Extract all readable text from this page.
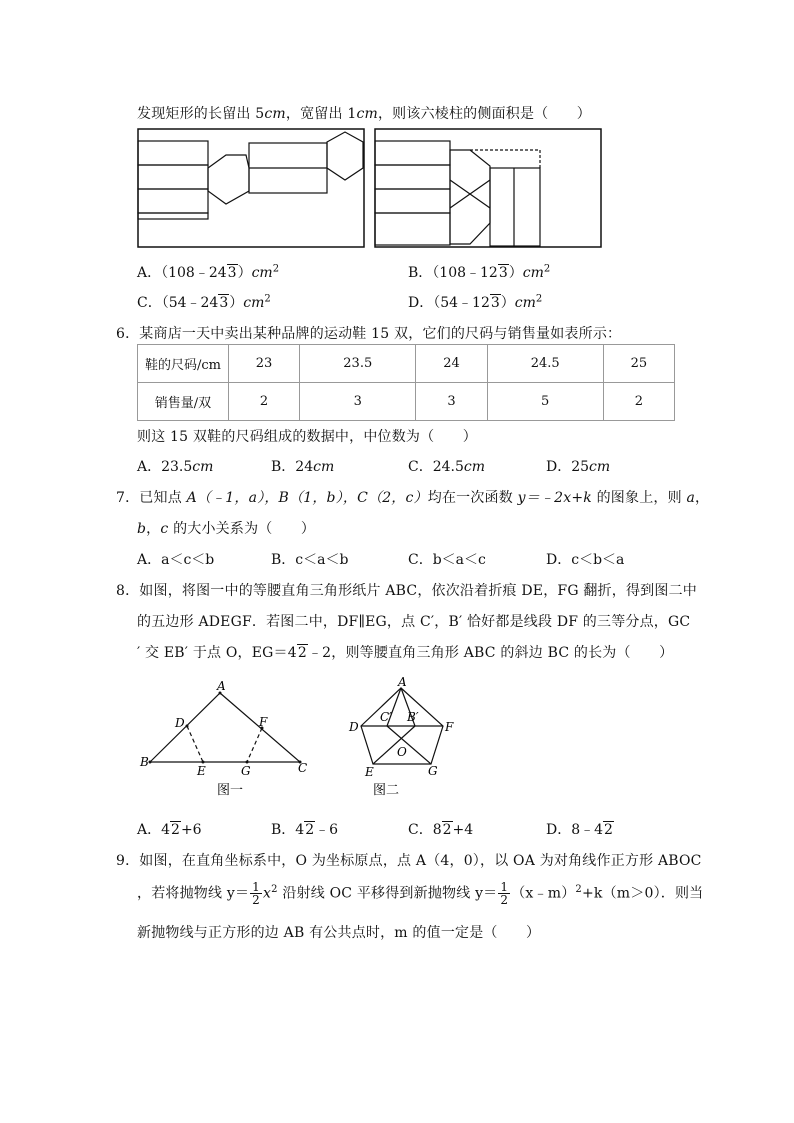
发现矩形的长留出 5cm，宽留出 1cm，则该六棱柱的侧面积是（　　）
A．$(108﹣243)cm^2$	B．$(108﹣123)cm^2$
C．$(54﹣243)cm^2$	D．$(54﹣123)cm^2$
6．某商店一天中卖出某种品牌的运动鞋 15 双，它们的尺码与销售量如表所示：
鞋的尺码/cm	23	23.5	24	24.5	25
销售量/双	2	3	3	5	2
则这 15 双鞋的尺码组成的数据中，中位数为（　　）
A．23.5cm	B．24cm	C．24.5cm	D．25cm
7．已知点 A（﹣1，a），B（1，b），C（2，c）均在一次函数 y＝﹣2x+k 的图象上，则 a，
b，c 的大小关系为（　　）
A．a＜c＜b	B．c＜a＜b	C．b＜a＜c	D．c＜b＜a
8．如图，将图一中的等腰直角三角形纸片 ABC，依次沿着折痕 DE，FG 翻折，得到图二中
的五边形 ADEGF．若图二中，DF∥EG，点 C′，B′ 恰好都是线段 DF 的三等分点，GC
′ 交 EB′ 于点 O，EG＝42﹣2，则等腰直角三角形 ABC 的斜边 BC 的长为（　　）
A
D	F
B
E	G	C
图一
A
D
C′ B′
F
O
E	G
图二
A．42+6	B．42﹣6	C．82+4	D．8﹣42
9．如图，在直角坐标系中，O 为坐标原点，点 A（4，0），以 OA 为对角线作正方形 ABOC
，若将抛物线 $y= \frac{1}{2} x^2$ 沿射线 OC 平移得到新抛物线 $y= \frac{1}{2}$ （x﹣m）$^2$+k（m＞0）．则当
新抛物线与正方形的边 AB 有公共点时，m 的值一定是（　　）
